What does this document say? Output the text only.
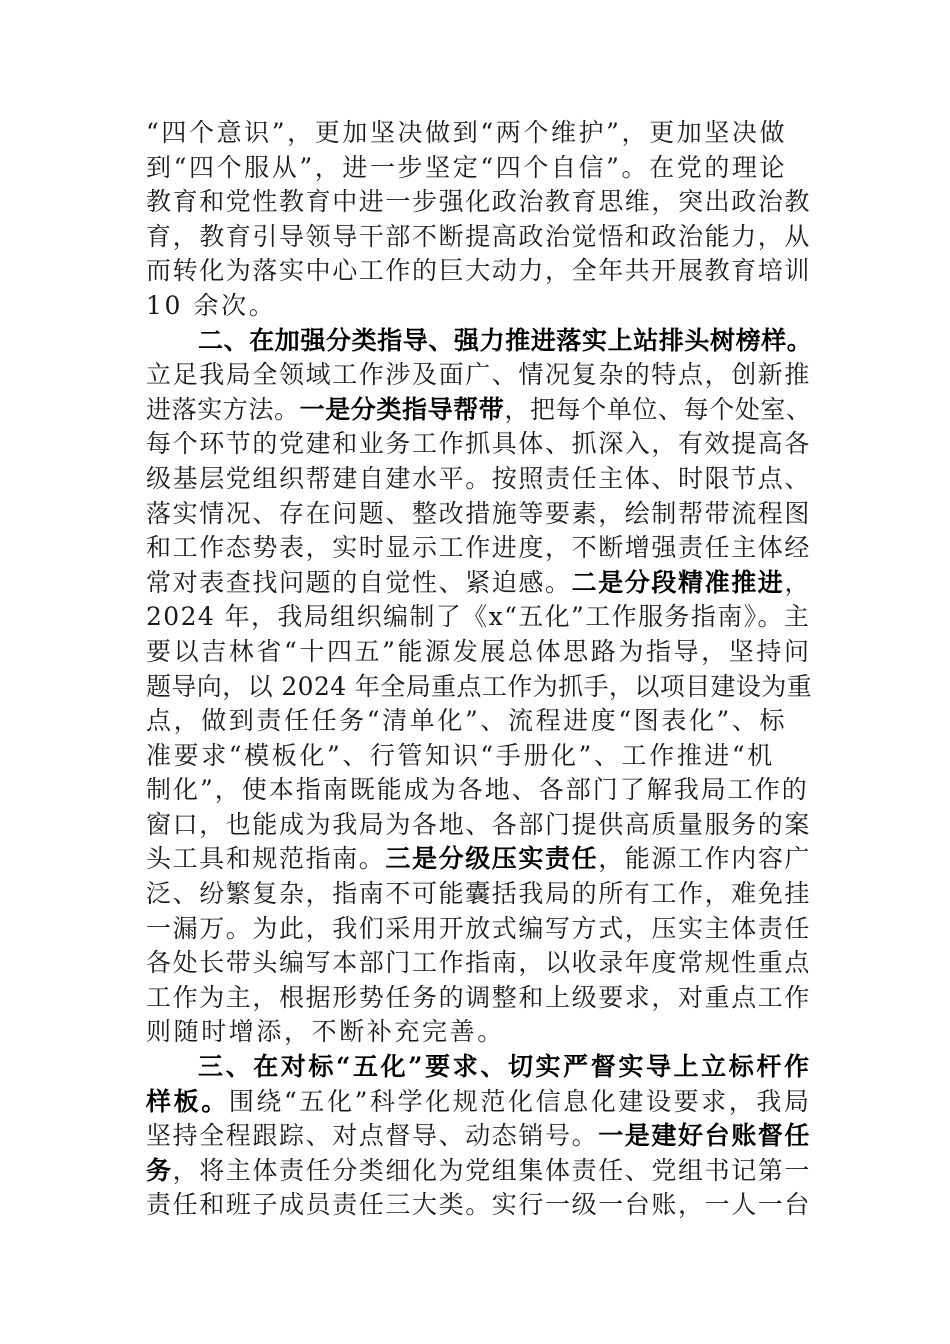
“四个意识”，更加坚决做到“两个维护”，更加坚决做
到“四个服从”，进一步坚定“四个自信”。在党的理论
教育和党性教育中进一步强化政治教育思维，突出政治教
育，教育引导领导干部不断提高政治觉悟和政治能力，从
而转化为落实中心工作的巨大动力，全年共开展教育培训
10 余次。

二、在加强分类指导、强力推进落实上站排头树榜样。
立足我局全领域工作涉及面广、情况复杂的特点，创新推
进落实方法。一是分类指导帮带，把每个单位、每个处室、
每个环节的党建和业务工作抓具体、抓深入，有效提高各
级基层党组织帮建自建水平。按照责任主体、时限节点、
落实情况、存在问题、整改措施等要素，绘制帮带流程图
和工作态势表，实时显示工作进度，不断增强责任主体经
常对表查找问题的自觉性、紧迫感。二是分段精准推进，
2024 年，我局组织编制了《x“五化”工作服务指南》。主
要以吉林省“十四五”能源发展总体思路为指导，坚持问
题导向，以 2024 年全局重点工作为抓手，以项目建设为重
点，做到责任任务“清单化”、流程进度“图表化”、标
准要求“模板化”、行管知识“手册化”、工作推进“机
制化”，使本指南既能成为各地、各部门了解我局工作的
窗口，也能成为我局为各地、各部门提供高质量服务的案
头工具和规范指南。三是分级压实责任，能源工作内容广
泛、纷繁复杂，指南不可能囊括我局的所有工作，难免挂
一漏万。为此，我们采用开放式编写方式，压实主体责任
各处长带头编写本部门工作指南，以收录年度常规性重点
工作为主，根据形势任务的调整和上级要求，对重点工作
则随时增添，不断补充完善。

三、在对标“五化”要求、切实严督实导上立标杆作
样板。围绕“五化”科学化规范化信息化建设要求，我局
坚持全程跟踪、对点督导、动态销号。一是建好台账督任
务，将主体责任分类细化为党组集体责任、党组书记第一
责任和班子成员责任三大类。实行一级一台账，一人一台
